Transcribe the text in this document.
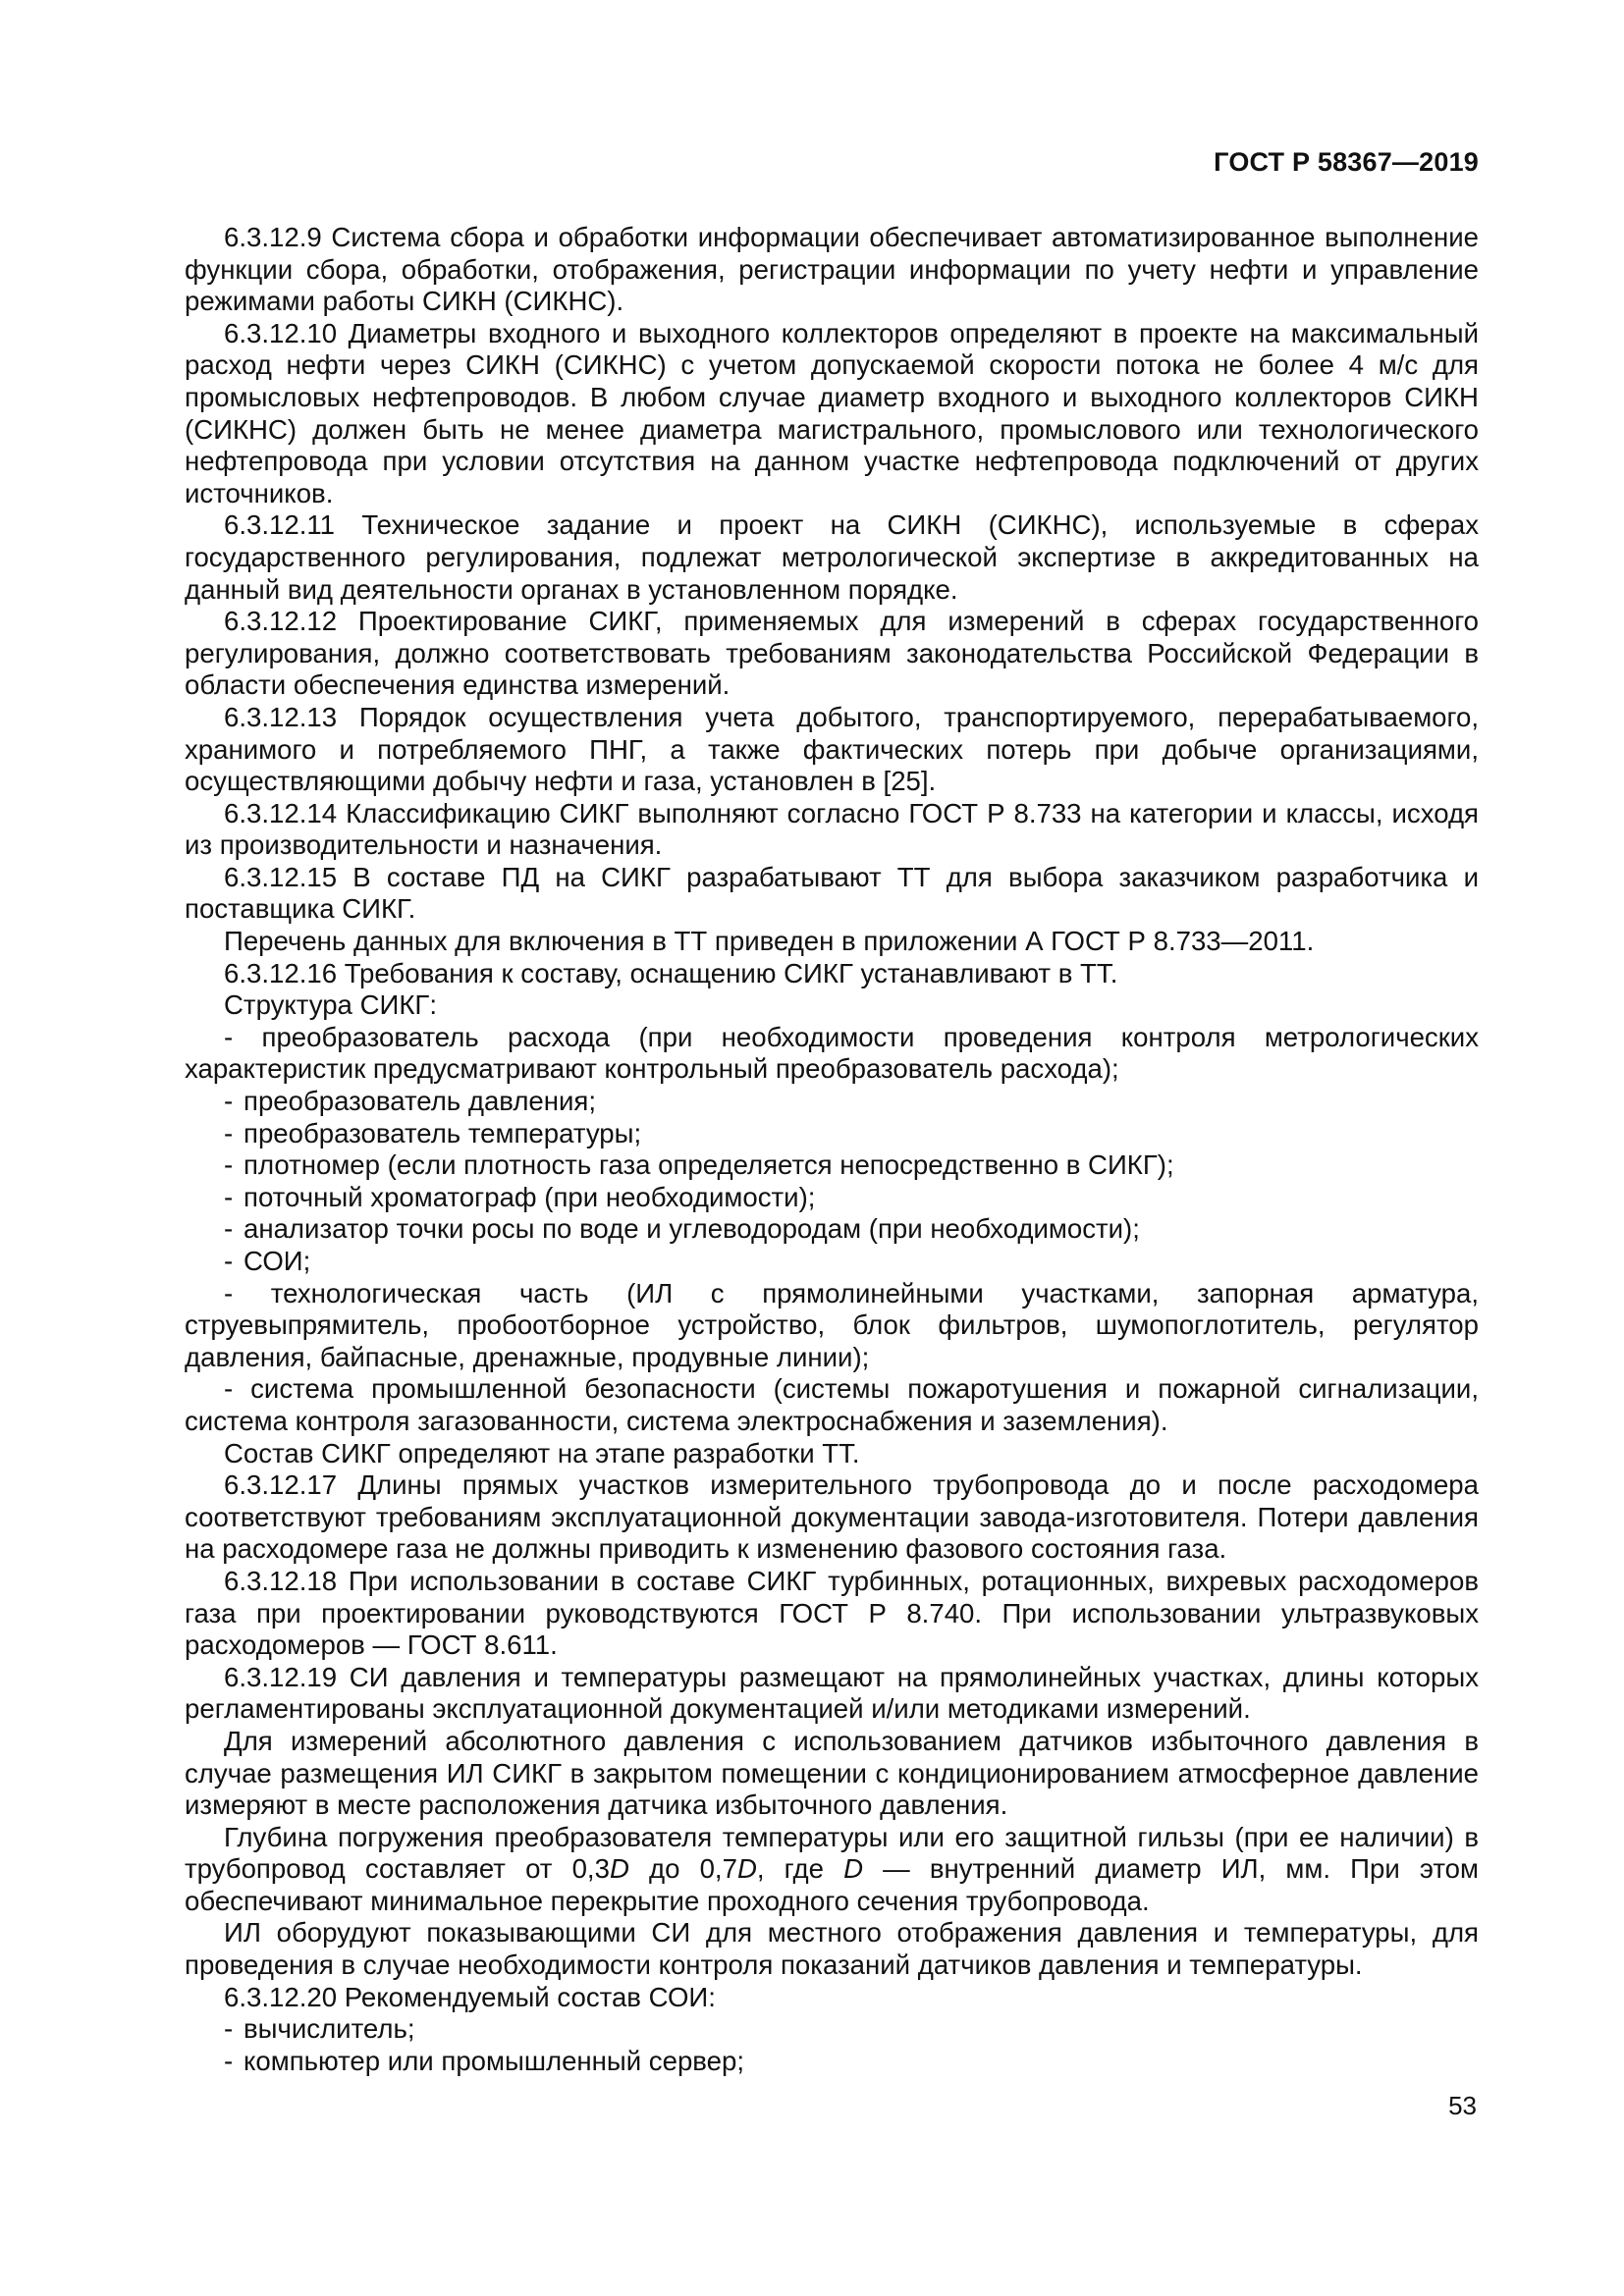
ГОСТ Р 58367—2019

6.3.12.9 Система сбора и обработки информации обеспечивает автоматизированное выполнение функции сбора, обработки, отображения, регистрации информации по учету нефти и управление режимами работы СИКН (СИКНС).

6.3.12.10 Диаметры входного и выходного коллекторов определяют в проекте на максимальный расход нефти через СИКН (СИКНС) с учетом допускаемой скорости потока не более 4 м/с для промысловых нефтепроводов. В любом случае диаметр входного и выходного коллекторов СИКН (СИКНС) должен быть не менее диаметра магистрального, промыслового или технологического нефтепровода при условии отсутствия на данном участке нефтепровода подключений от других источников.

6.3.12.11 Техническое задание и проект на СИКН (СИКНС), используемые в сферах государственного регулирования, подлежат метрологической экспертизе в аккредитованных на данный вид деятельности органах в установленном порядке.

6.3.12.12 Проектирование СИКГ, применяемых для измерений в сферах государственного регулирования, должно соответствовать требованиям законодательства Российской Федерации в области обеспечения единства измерений.

6.3.12.13 Порядок осуществления учета добытого, транспортируемого, перерабатываемого, хранимого и потребляемого ПНГ, а также фактических потерь при добыче организациями, осуществляющими добычу нефти и газа, установлен в [25].

6.3.12.14 Классификацию СИКГ выполняют согласно ГОСТ Р 8.733 на категории и классы, исходя из производительности и назначения.

6.3.12.15 В составе ПД на СИКГ разрабатывают ТТ для выбора заказчиком разработчика и поставщика СИКГ.

Перечень данных для включения в ТТ приведен в приложении А ГОСТ Р 8.733—2011.

6.3.12.16 Требования к составу, оснащению СИКГ устанавливают в ТТ.

Структура СИКГ:

- преобразователь расхода (при необходимости проведения контроля метрологических характеристик предусматривают контрольный преобразователь расхода);

- преобразователь давления;

- преобразователь температуры;

- плотномер (если плотность газа определяется непосредственно в СИКГ);

- поточный хроматограф (при необходимости);

- анализатор точки росы по воде и углеводородам (при необходимости);

- СОИ;

- технологическая часть (ИЛ с прямолинейными участками, запорная арматура, струевыпрямитель, пробоотборное устройство, блок фильтров, шумопоглотитель, регулятор давления, байпасные, дренажные, продувные линии);

- система промышленной безопасности (системы пожаротушения и пожарной сигнализации, система контроля загазованности, система электроснабжения и заземления).

Состав СИКГ определяют на этапе разработки ТТ.

6.3.12.17 Длины прямых участков измерительного трубопровода до и после расходомера соответствуют требованиям эксплуатационной документации завода-изготовителя. Потери давления на расходомере газа не должны приводить к изменению фазового состояния газа.

6.3.12.18 При использовании в составе СИКГ турбинных, ротационных, вихревых расходомеров газа при проектировании руководствуются ГОСТ Р 8.740. При использовании ультразвуковых расходомеров — ГОСТ 8.611.

6.3.12.19 СИ давления и температуры размещают на прямолинейных участках, длины которых регламентированы эксплуатационной документацией и/или методиками измерений.

Для измерений абсолютного давления с использованием датчиков избыточного давления в случае размещения ИЛ СИКГ в закрытом помещении с кондиционированием атмосферное давление измеряют в месте расположения датчика избыточного давления.

Глубина погружения преобразователя температуры или его защитной гильзы (при ее наличии) в трубопровод составляет от 0,3D до 0,7D, где D — внутренний диаметр ИЛ, мм. При этом обеспечивают минимальное перекрытие проходного сечения трубопровода.

ИЛ оборудуют показывающими СИ для местного отображения давления и температуры, для проведения в случае необходимости контроля показаний датчиков давления и температуры.

6.3.12.20 Рекомендуемый состав СОИ:

- вычислитель;

- компьютер или промышленный сервер;

53
